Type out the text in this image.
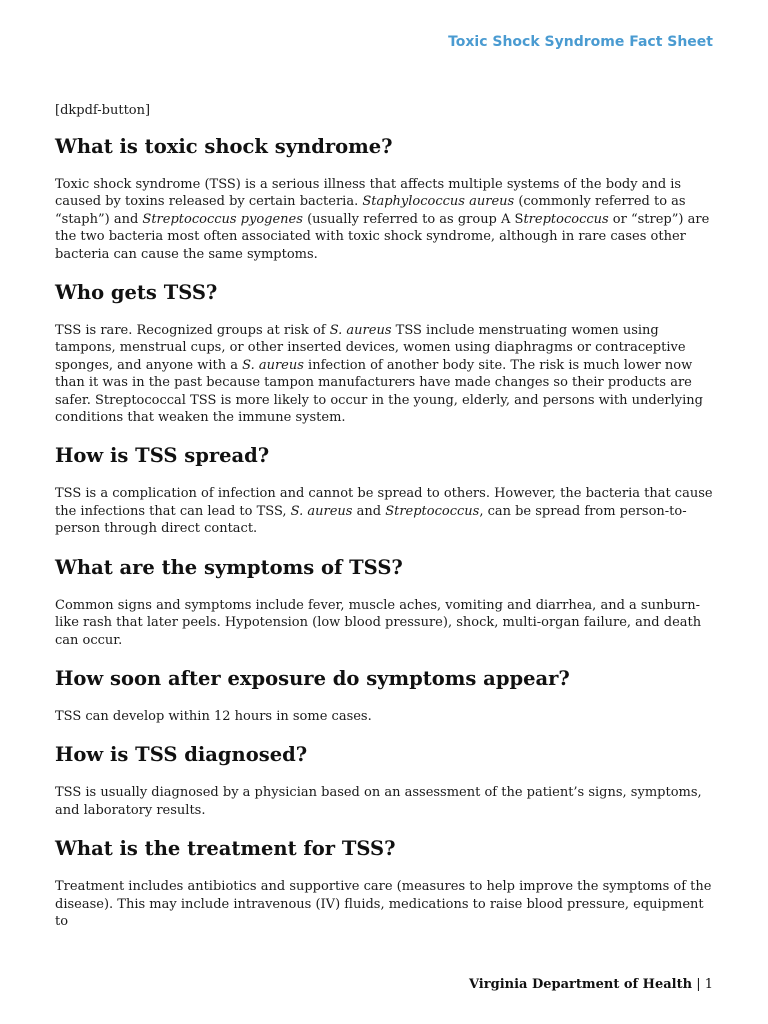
Toxic Shock Syndrome Fact Sheet
[dkpdf-button]
What is toxic shock syndrome?

Toxic shock syndrome (TSS) is a serious illness that affects multiple systems of the body and is caused by toxins released by certain bacteria. Staphylococcus aureus (commonly referred to as “staph”) and Streptococcus pyogenes (usually referred to as group A Streptococcus or “strep”) are the two bacteria most often associated with toxic shock syndrome, although in rare cases other bacteria can cause the same symptoms.

Who gets TSS?

TSS is rare. Recognized groups at risk of S. aureus TSS include menstruating women using tampons, menstrual cups, or other inserted devices, women using diaphragms or contraceptive sponges, and anyone with a S. aureus infection of another body site. The risk is much lower now than it was in the past because tampon manufacturers have made changes so their products are safer. Streptococcal TSS is more likely to occur in the young, elderly, and persons with underlying conditions that weaken the immune system.

How is TSS spread?

TSS is a complication of infection and cannot be spread to others. However, the bacteria that cause the infections that can lead to TSS, S. aureus and Streptococcus, can be spread from person-to-person through direct contact.

What are the symptoms of TSS?

Common signs and symptoms include fever, muscle aches, vomiting and diarrhea, and a sunburn-like rash that later peels. Hypotension (low blood pressure), shock, multi-organ failure, and death can occur.

How soon after exposure do symptoms appear?

TSS can develop within 12 hours in some cases.

How is TSS diagnosed?

TSS is usually diagnosed by a physician based on an assessment of the patient’s signs, symptoms, and laboratory results.

What is the treatment for TSS?

Treatment includes antibiotics and supportive care (measures to help improve the symptoms of the disease). This may include intravenous (IV) fluids, medications to raise blood pressure, equipment to

Virginia Department of Health | 1
